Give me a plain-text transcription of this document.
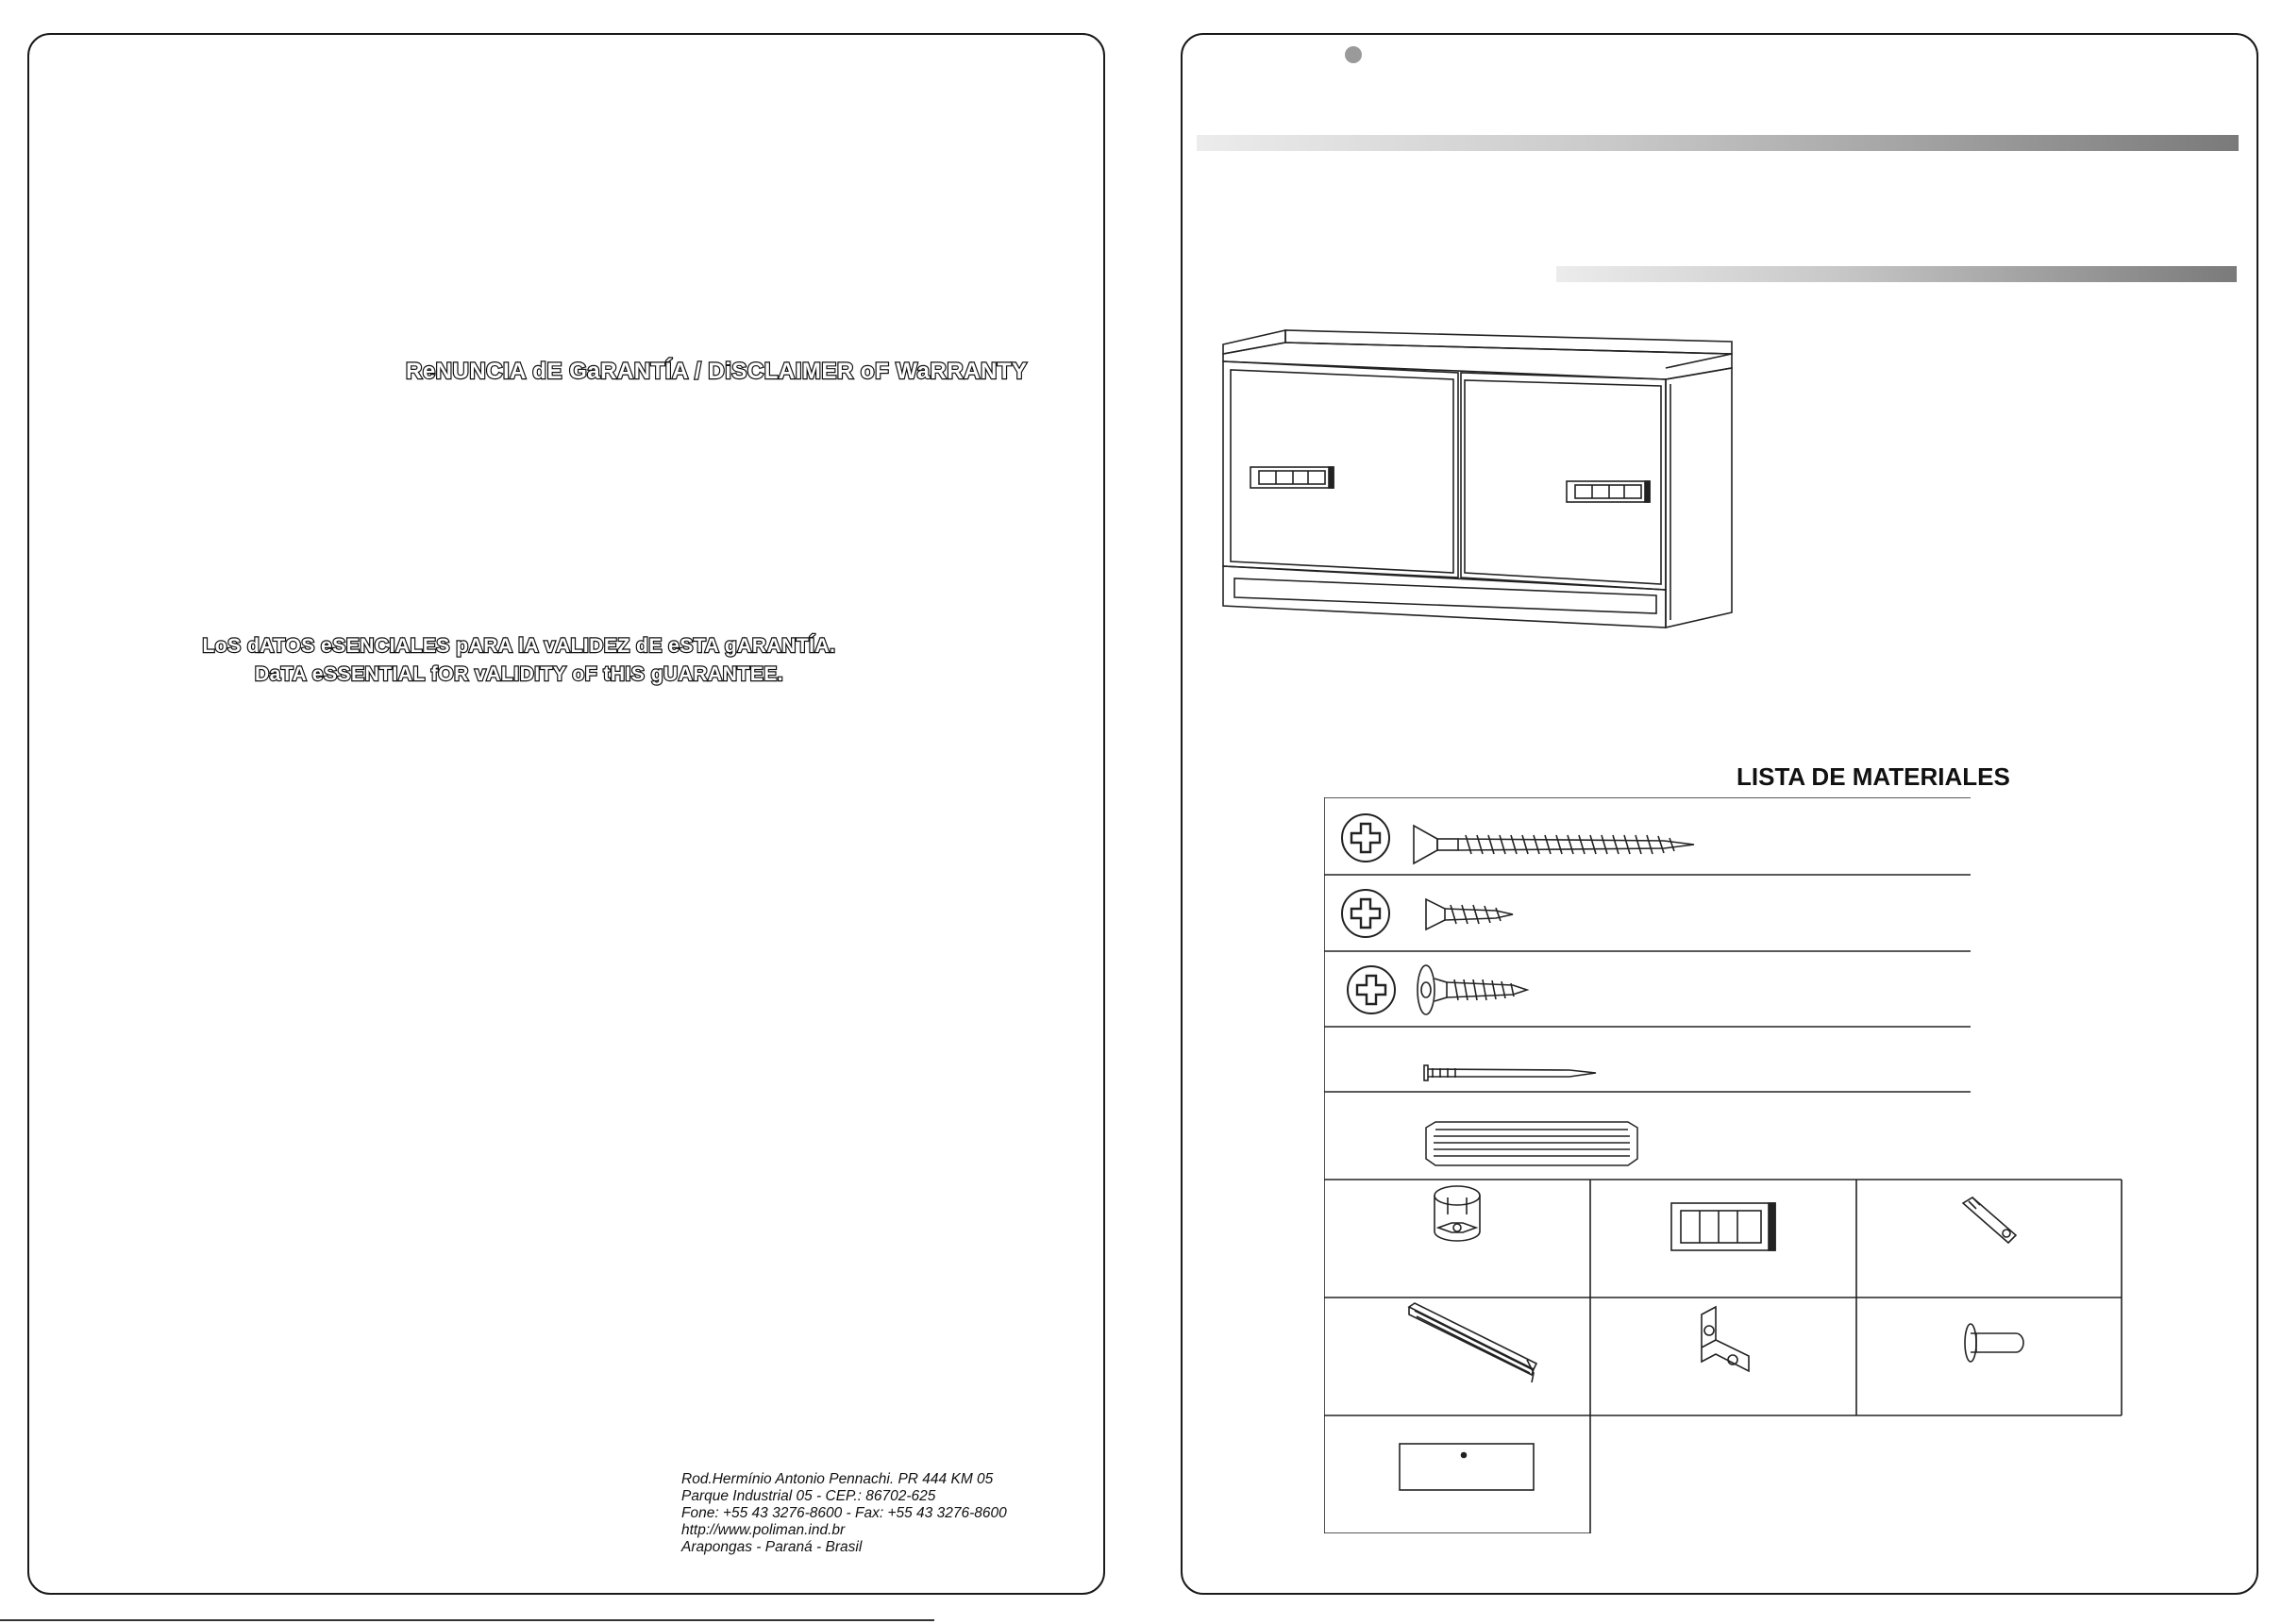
ReNUNCIA dE GaRANTÍA / DiSCLAIMER oF WaRRANTY
LoS dATOS eSENCIALES pARA lA vALIDEZ dE eSTA gARANTÍA.
DaTA eSSENTIAL fOR vALIDITY oF tHIS gUARANTEE.
Rod.Hermínio Antonio Pennachi. PR 444 KM 05
Parque Industrial 05 - CEP.: 86702-625
Fone: +55 43 3276-8600 - Fax: +55 43 3276-8600
http://www.poliman.ind.br
Arapongas - Paraná - Brasil
LISTA DE MATERIALES
